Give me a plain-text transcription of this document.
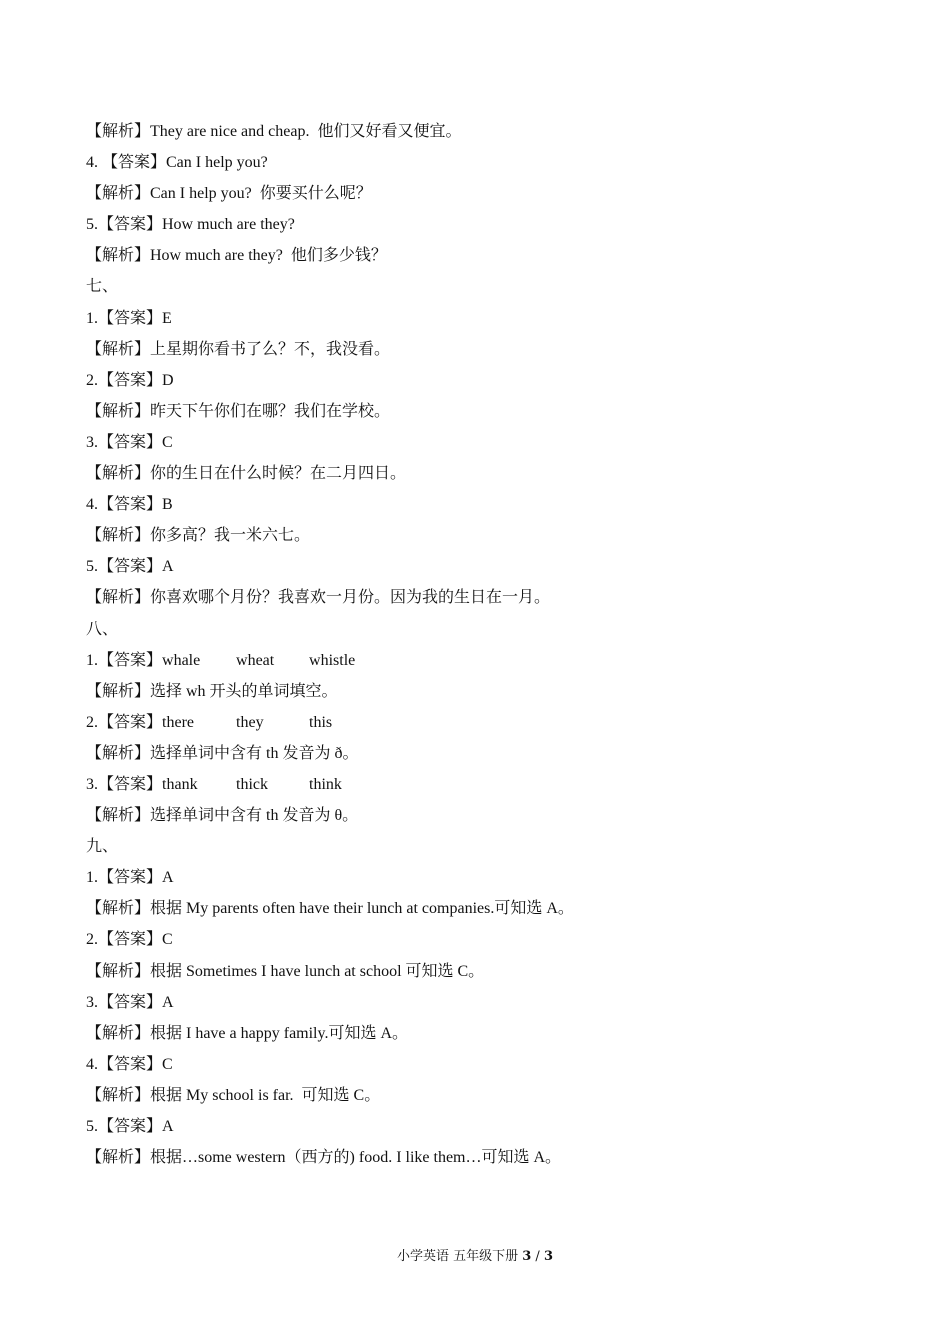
【解析】They are nice and cheap.  他们又好看又便宜。
4. 【答案】Can I help you?
【解析】Can I help you?  你要买什么呢？
5.【答案】How much are they?
【解析】How much are they?  他们多少钱？
七、
1.【答案】E
【解析】上星期你看书了么？不，我没看。
2.【答案】D
【解析】昨天下午你们在哪？我们在学校。
3.【答案】C
【解析】你的生日在什么时候？在二月四日。
4.【答案】B
【解析】你多高？我一米六七。
5.【答案】A
【解析】你喜欢哪个月份？我喜欢一月份。因为我的生日在一月。
八、
1.【答案】whale wheat whistle
【解析】选择 wh 开头的单词填空。
2.【答案】there	they	this
【解析】选择单词中含有 th 发音为 ð。
3.【答案】thank thick	think
【解析】选择单词中含有 th 发音为 θ。
九、
1.【答案】A
【解析】根据 My parents often have their lunch at companies.可知选 A。
2.【答案】C
【解析】根据 Sometimes I have lunch at school 可知选 C。
3.【答案】A
【解析】根据 I have a happy family.可知选 A。
4.【答案】C
【解析】根据 My school is far.  可知选 C。
5.【答案】A
【解析】根据…some western（西方的) food. I like them…可知选 A。
小学英语 五年级下册 3 / 3
